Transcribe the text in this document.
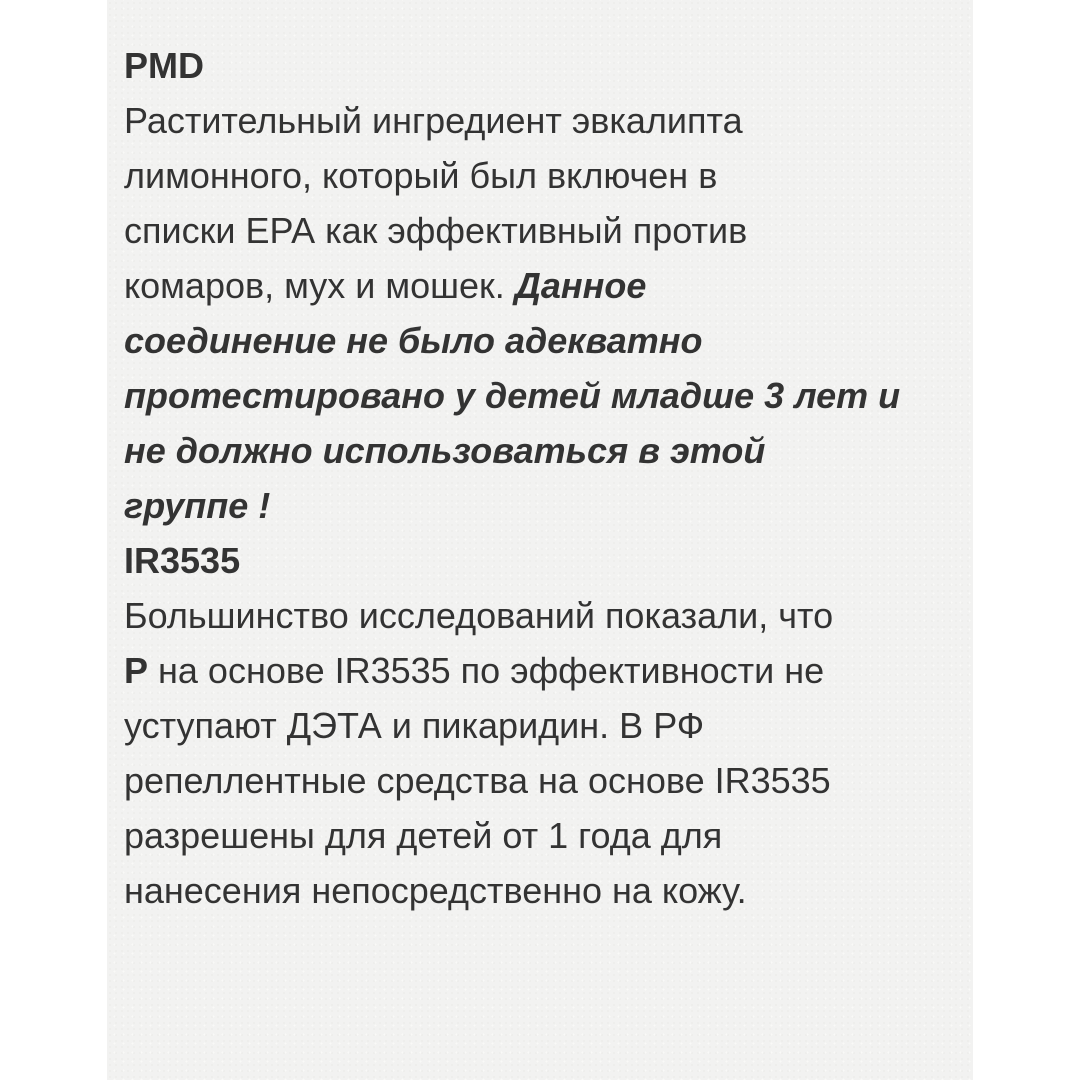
PMD
Растительный ингредиент эвкалипта
лимонного, который был включен в
списки ЕРА как эффективный против
комаров, мух и мошек. Данное
соединение не было адекватно
протестировано у детей младше 3 лет и
не должно использоваться в этой
группе !
IR3535
Большинство исследований показали, что
Р на основе IR3535 по эффективности не
уступают ДЭТА и пикаридин. В РФ
репеллентные средства на основе IR3535
разрешены для детей от 1 года для
нанесения непосредственно на кожу.
